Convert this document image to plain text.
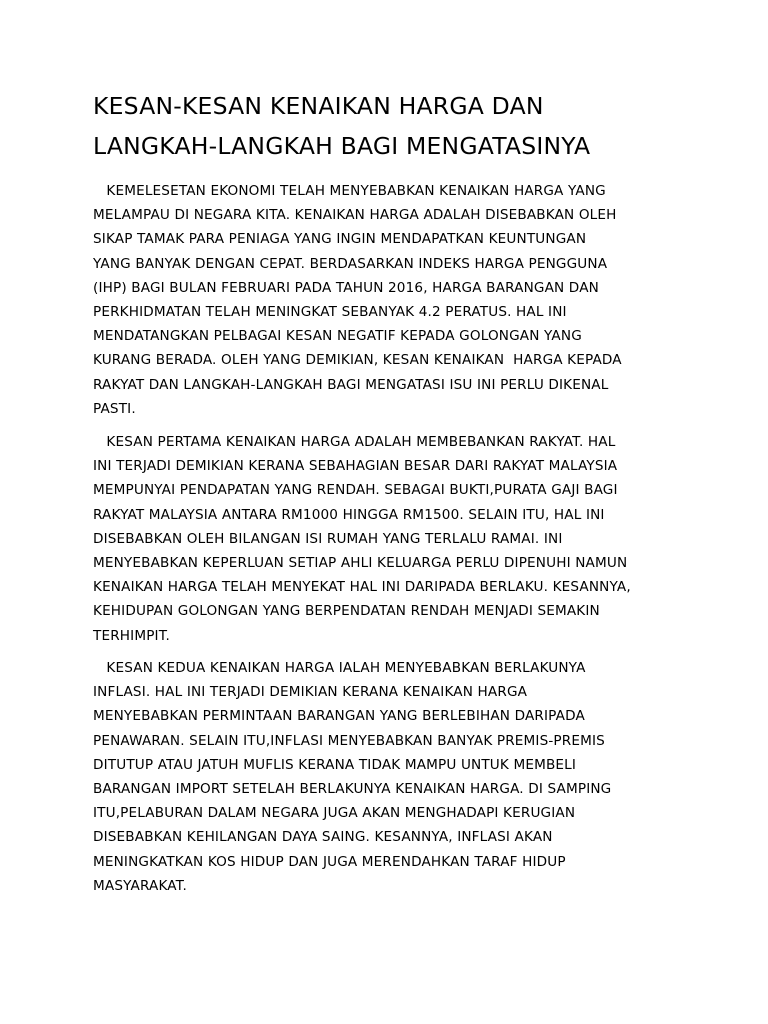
KESAN-KESAN KENAIKAN HARGA DAN
LANGKAH-LANGKAH BAGI MENGATASINYA

KEMELESETAN EKONOMI TELAH MENYEBABKAN KENAIKAN HARGA YANG
MELAMPAU DI NEGARA KITA. KENAIKAN HARGA ADALAH DISEBABKAN OLEH
SIKAP TAMAK PARA PENIAGA YANG INGIN MENDAPATKAN KEUNTUNGAN
YANG BANYAK DENGAN CEPAT. BERDASARKAN INDEKS HARGA PENGGUNA
(IHP) BAGI BULAN FEBRUARI PADA TAHUN 2016, HARGA BARANGAN DAN
PERKHIDMATAN TELAH MENINGKAT SEBANYAK 4.2 PERATUS. HAL INI
MENDATANGKAN PELBAGAI KESAN NEGATIF KEPADA GOLONGAN YANG
KURANG BERADA. OLEH YANG DEMIKIAN, KESAN KENAIKAN  HARGA KEPADA
RAKYAT DAN LANGKAH-LANGKAH BAGI MENGATASI ISU INI PERLU DIKENAL
PASTI.

KESAN PERTAMA KENAIKAN HARGA ADALAH MEMBEBANKAN RAKYAT. HAL
INI TERJADI DEMIKIAN KERANA SEBAHAGIAN BESAR DARI RAKYAT MALAYSIA
MEMPUNYAI PENDAPATAN YANG RENDAH. SEBAGAI BUKTI,PURATA GAJI BAGI
RAKYAT MALAYSIA ANTARA RM1000 HINGGA RM1500. SELAIN ITU, HAL INI
DISEBABKAN OLEH BILANGAN ISI RUMAH YANG TERLALU RAMAI. INI
MENYEBABKAN KEPERLUAN SETIAP AHLI KELUARGA PERLU DIPENUHI NAMUN
KENAIKAN HARGA TELAH MENYEKAT HAL INI DARIPADA BERLAKU. KESANNYA,
KEHIDUPAN GOLONGAN YANG BERPENDATAN RENDAH MENJADI SEMAKIN
TERHIMPIT.

KESAN KEDUA KENAIKAN HARGA IALAH MENYEBABKAN BERLAKUNYA
INFLASI. HAL INI TERJADI DEMIKIAN KERANA KENAIKAN HARGA
MENYEBABKAN PERMINTAAN BARANGAN YANG BERLEBIHAN DARIPADA
PENAWARAN. SELAIN ITU,INFLASI MENYEBABKAN BANYAK PREMIS-PREMIS
DITUTUP ATAU JATUH MUFLIS KERANA TIDAK MAMPU UNTUK MEMBELI
BARANGAN IMPORT SETELAH BERLAKUNYA KENAIKAN HARGA. DI SAMPING
ITU,PELABURAN DALAM NEGARA JUGA AKAN MENGHADAPI KERUGIAN
DISEBABKAN KEHILANGAN DAYA SAING. KESANNYA, INFLASI AKAN
MENINGKATKAN KOS HIDUP DAN JUGA MERENDAHKAN TARAF HIDUP
MASYARAKAT.
